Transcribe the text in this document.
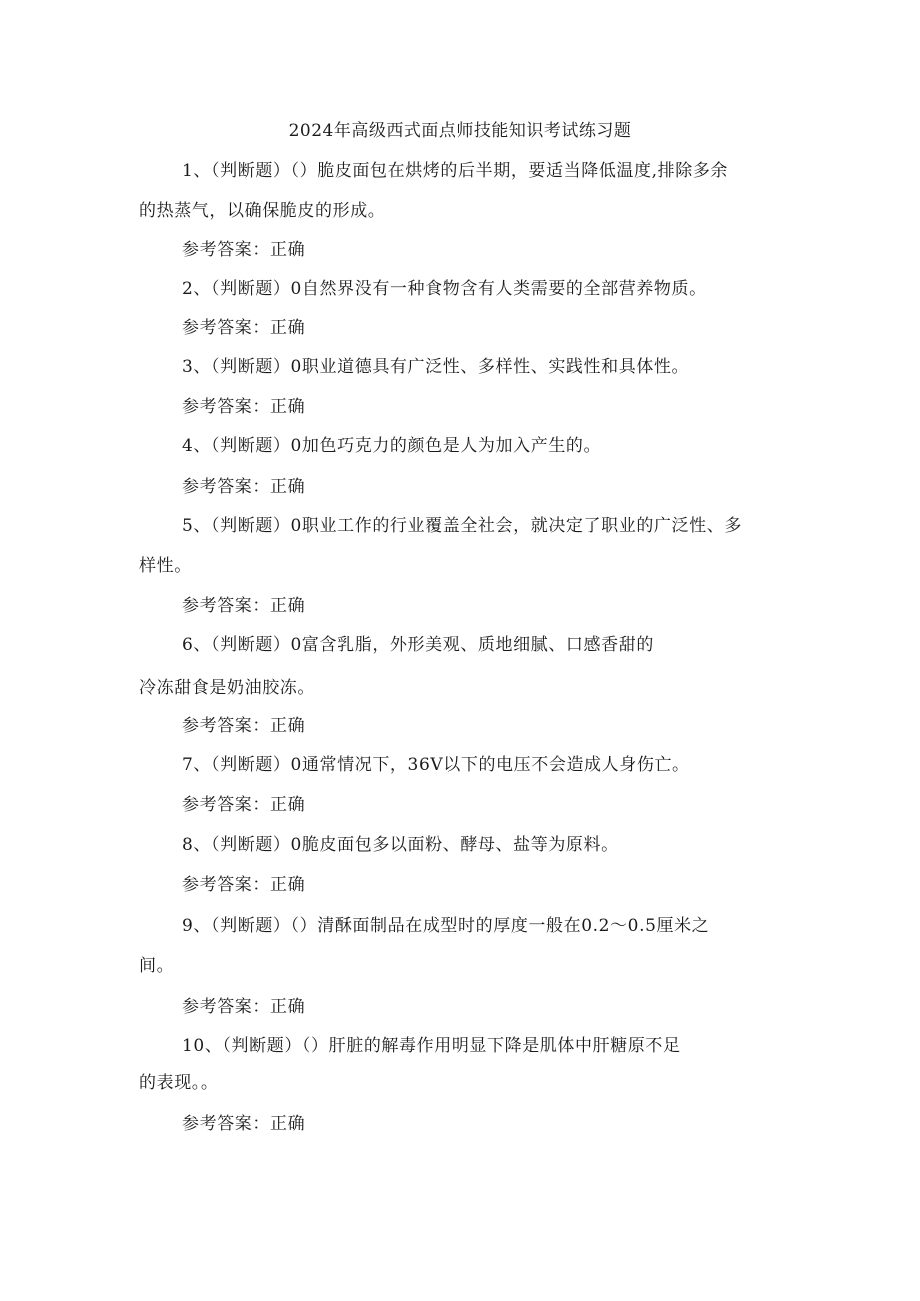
2024年高级西式面点师技能知识考试练习题
1、（判断题）（）脆皮面包在烘烤的后半期，要适当降低温度,排除多余
的热蒸气，以确保脆皮的形成。
参考答案：正确
2、（判断题）0自然界没有一种食物含有人类需要的全部营养物质。
参考答案：正确
3、（判断题）0职业道德具有广泛性、多样性、实践性和具体性。
参考答案：正确
4、（判断题）0加色巧克力的颜色是人为加入产生的。
参考答案：正确
5、（判断题）0职业工作的行业覆盖全社会，就决定了职业的广泛性、多
样性。
参考答案：正确
6、（判断题）0富含乳脂，外形美观、质地细腻、口感香甜的
冷冻甜食是奶油胶冻。
参考答案：正确
7、（判断题）0通常情况下，36V以下的电压不会造成人身伤亡。
参考答案：正确
8、（判断题）0脆皮面包多以面粉、酵母、盐等为原料。
参考答案：正确
9、（判断题）（）清酥面制品在成型时的厚度一般在0.2～0.5厘米之
间。
参考答案：正确
10、（判断题）（）肝脏的解毒作用明显下降是肌体中肝糖原不足
的表现。。
参考答案：正确
